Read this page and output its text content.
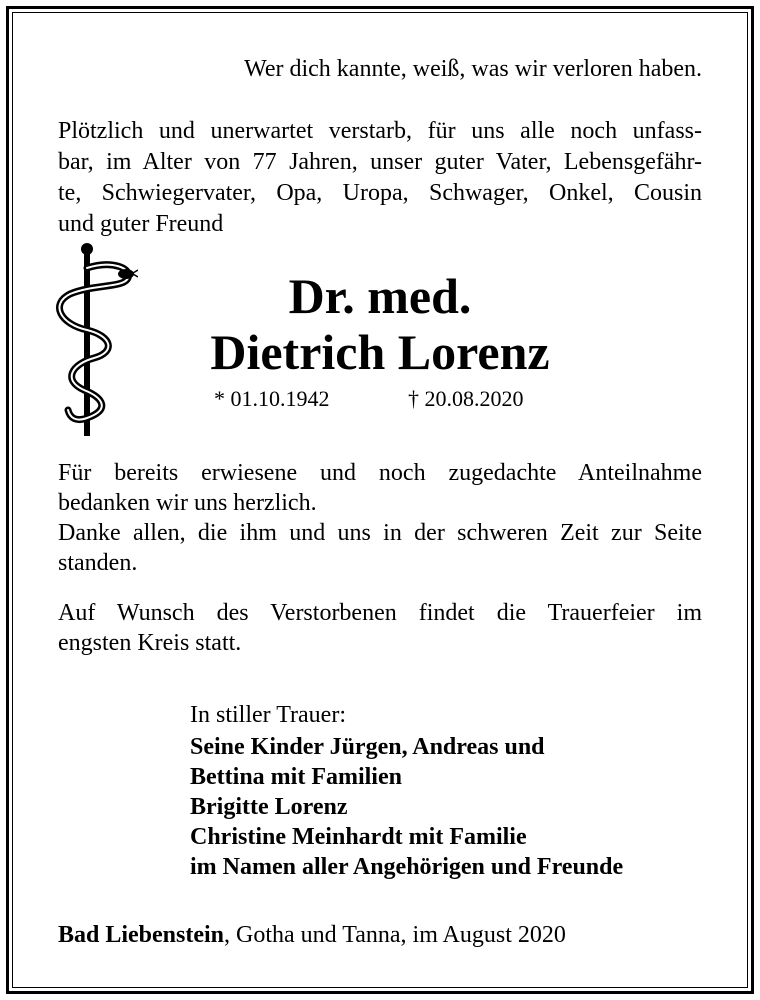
Wer dich kannte, weiß, was wir verloren haben.
Plötzlich und unerwartet verstarb, für uns alle noch unfass-
bar, im Alter von 77 Jahren, unser guter Vater, Lebensgefähr-
te, Schwiegervater, Opa, Uropa, Schwager, Onkel, Cousin
und guter Freund
Dr. med.
Dietrich Lorenz
* 01.10.1942	† 20.08.2020
Für bereits erwiesene und noch zugedachte Anteilnahme
bedanken wir uns herzlich.
Danke allen, die ihm und uns in der schweren Zeit zur Seite
standen.
Auf Wunsch des Verstorbenen findet die Trauerfeier im
engsten Kreis statt.
In stiller Trauer:
Seine Kinder Jürgen, Andreas und
Bettina mit Familien
Brigitte Lorenz
Christine Meinhardt mit Familie
im Namen aller Angehörigen und Freunde
Bad Liebenstein, Gotha und Tanna, im August 2020
